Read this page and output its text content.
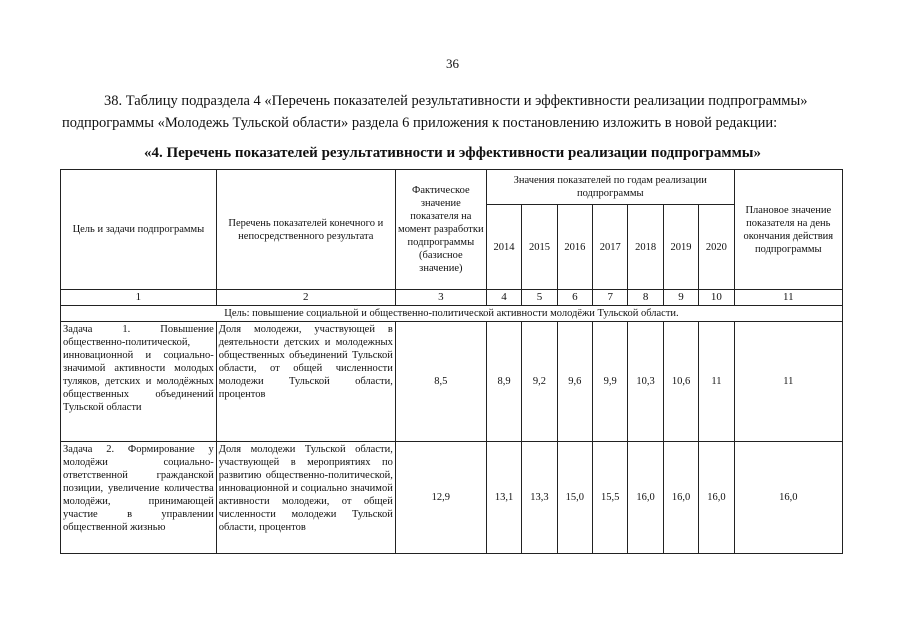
36
38. Таблицу подраздела 4 «Перечень показателей результативности и эффективности реализации подпрограммы»
подпрограммы «Молодежь Тульской области» раздела 6 приложения к постановлению изложить в новой редакции:
«4. Перечень показателей результативности и эффективности реализации подпрограммы»
Цель и задачи подпрограммы	Перечень показателей конечного и непосредственного результата	Фактическое значение показателя на момент разработки подпрограммы (базисное значение)	Значения показателей по годам реализации подпрограммы							Плановое значение показателя на день окончания действия подпрограммы
			2014	2015	2016	2017	2018	2019	2020	
1	2	3	4	5	6	7	8	9	10	11
Цель: повышение социальной и общественно-политической активности молодёжи Тульской области.										
Задача 1. Повышение общественно-политической, инновационной и социально-значимой активности молодых туляков, детских и молодёжных общественных объединений Тульской области	Доля молодежи, участвующей в деятельности детских и молодежных общественных объединений Тульской области, от общей численности молодежи Тульской области, процентов	8,5	8,9	9,2	9,6	9,9	10,3	10,6	11	11
Задача 2. Формирование у молодёжи социально-ответственной гражданской позиции, увеличение количества молодёжи, принимающей участие в управлении общественной жизнью	Доля молодежи Тульской области, участвующей в мероприятиях по развитию общественно-политической, инновационной и социально значимой активности молодежи, от общей численности молодежи Тульской области, процентов	12,9	13,1	13,3	15,0	15,5	16,0	16,0	16,0	16,0
